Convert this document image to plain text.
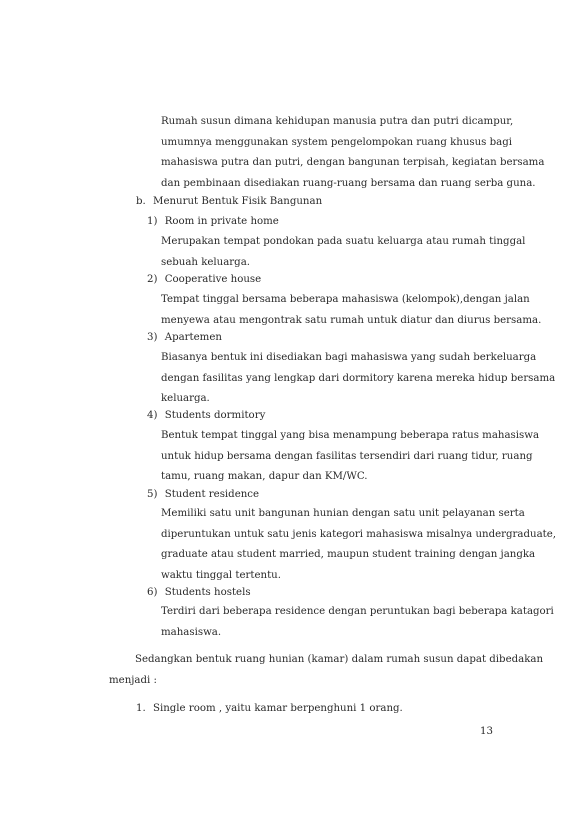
Rumah susun dimana kehidupan manusia putra dan putri dicampur,
umumnya menggunakan system pengelompokan ruang khusus bagi
mahasiswa putra dan putri, dengan bangunan terpisah, kegiatan bersama
dan pembinaan disediakan ruang-ruang bersama dan ruang serba guna.
b. Menurut Bentuk Fisik Bangunan
1) Room in private home
Merupakan tempat pondokan pada suatu keluarga atau rumah tinggal
sebuah keluarga.
2) Cooperative house
Tempat tinggal bersama beberapa mahasiswa (kelompok),dengan jalan
menyewa atau mengontrak satu rumah untuk diatur dan diurus bersama.
3) Apartemen
Biasanya bentuk ini disediakan bagi mahasiswa yang sudah berkeluarga
dengan fasilitas yang lengkap dari dormitory karena mereka hidup bersama
keluarga.
4) Students dormitory
Bentuk tempat tinggal yang bisa menampung beberapa ratus mahasiswa
untuk hidup bersama dengan fasilitas tersendiri dari ruang tidur, ruang
tamu, ruang makan, dapur dan KM/WC.
5) Student residence
Memiliki satu unit bangunan hunian dengan satu unit pelayanan serta
diperuntukan untuk satu jenis kategori mahasiswa misalnya undergraduate,
graduate atau student married, maupun student training dengan jangka
waktu tinggal tertentu.
6) Students hostels
Terdiri dari beberapa residence dengan peruntukan bagi beberapa katagori
mahasiswa.
Sedangkan bentuk ruang hunian (kamar) dalam rumah susun dapat dibedakan
menjadi :
1. Single room , yaitu kamar berpenghuni 1 orang.
13
